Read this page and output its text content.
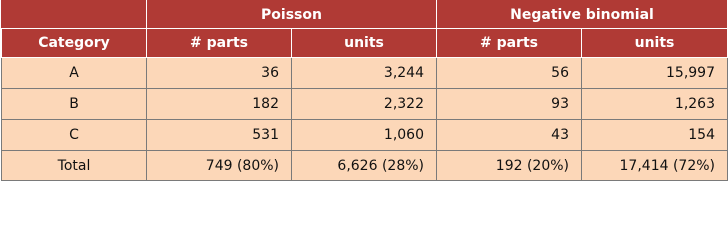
	Poisson		Negative binomial	
Category	# parts	units	# parts	units
A	36	3,244	56	15,997
B	182	2,322	93	1,263
C	531	1,060	43	154
Total	749 (80%)	6,626 (28%)	192 (20%)	17,414 (72%)
